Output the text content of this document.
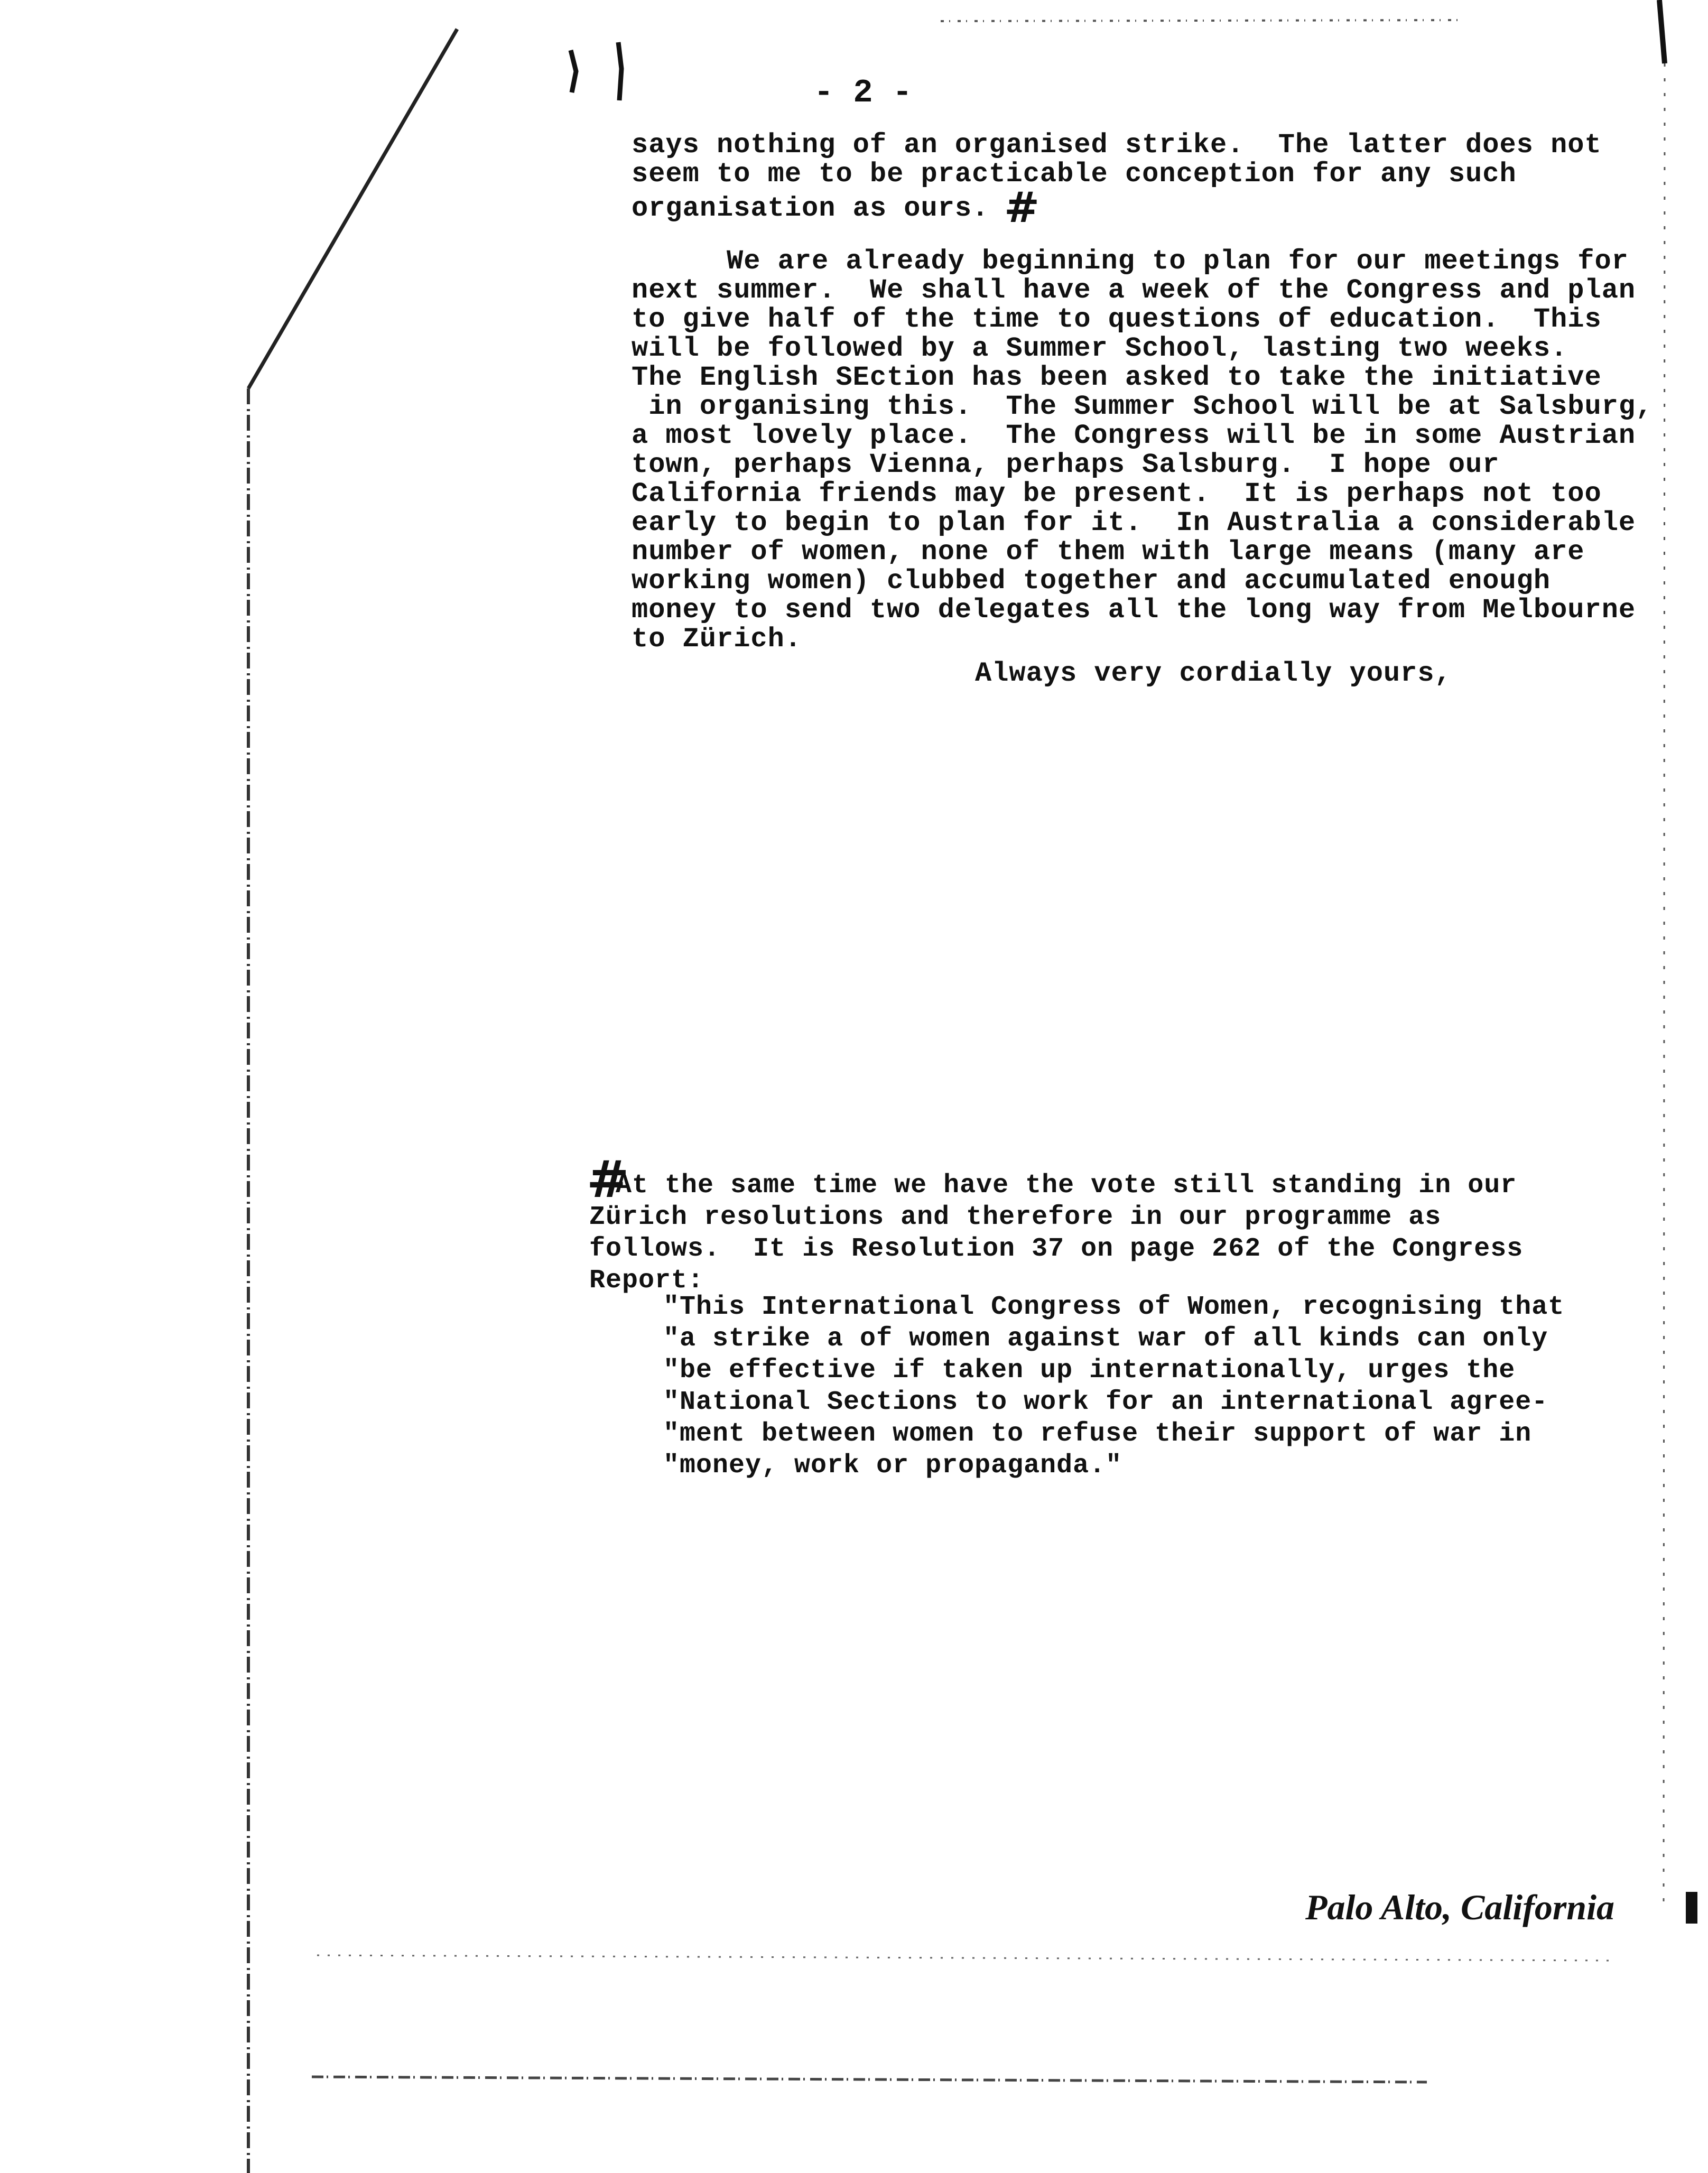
- 2 -
says nothing of an organised strike.  The latter does not
seem to me to be practicable conception for any such
organisation as ours. #
We are already beginning to plan for our meetings for
next summer.  We shall have a week of the Congress and plan
to give half of the time to questions of education.  This
will be followed by a Summer School, lasting two weeks.
The English SEction has been asked to take the initiative
in organising this.  The Summer School will be at Salsburg,
a most lovely place.  The Congress will be in some Austrian
town, perhaps Vienna, perhaps Salsburg.  I hope our
California friends may be present.  It is perhaps not too
early to begin to plan for it.  In Australia a considerable
number of women, none of them with large means (many are
working women) clubbed together and accumulated enough
money to send two delegates all the long way from Melbourne
to Zürich.
Always very cordially yours,
#
At the same time we have the vote still standing in our
Zürich resolutions and therefore in our programme as
follows.  It is Resolution 37 on page 262 of the Congress
Report:
"This International Congress of Women, recognising that
"a strike a of women against war of all kinds can only
"be effective if taken up internationally, urges the
"National Sections to work for an international agree-
"ment between women to refuse their support of war in
"money, work or propaganda."
Palo Alto, California
